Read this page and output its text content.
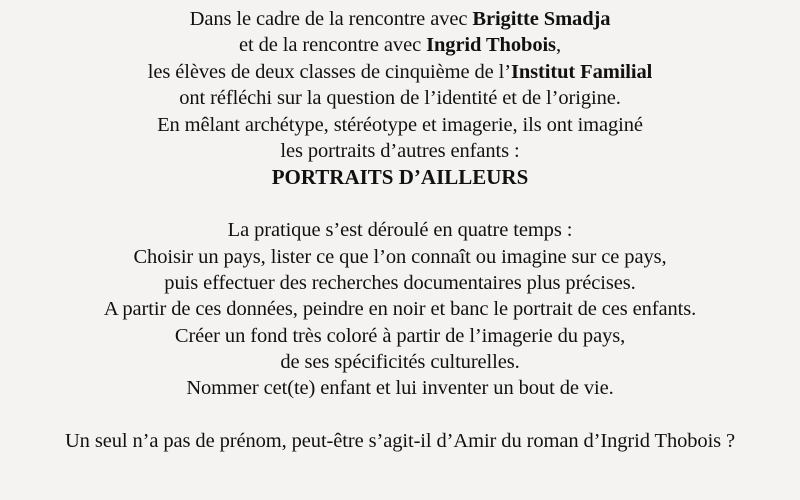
Dans le cadre de la rencontre avec Brigitte Smadja
et de la rencontre avec Ingrid Thobois,
les élèves de deux classes de cinquième de l’Institut Familial
ont réfléchi sur la question de l’identité et de l’origine.
En mêlant archétype, stéréotype et imagerie, ils ont imaginé
les portraits d’autres enfants :
PORTRAITS D’AILLEURS
La pratique s’est déroulé en quatre temps :
Choisir un pays, lister ce que l’on connaît ou imagine sur ce pays,
puis effectuer des recherches documentaires plus précises.
A partir de ces données, peindre en noir et banc le portrait de ces enfants.
Créer un fond très coloré à partir de l’imagerie du pays,
de ses spécificités culturelles.
Nommer cet(te) enfant et lui inventer un bout de vie.
Un seul n’a pas de prénom, peut-être s’agit-il d’Amir du roman d’Ingrid Thobois ?
